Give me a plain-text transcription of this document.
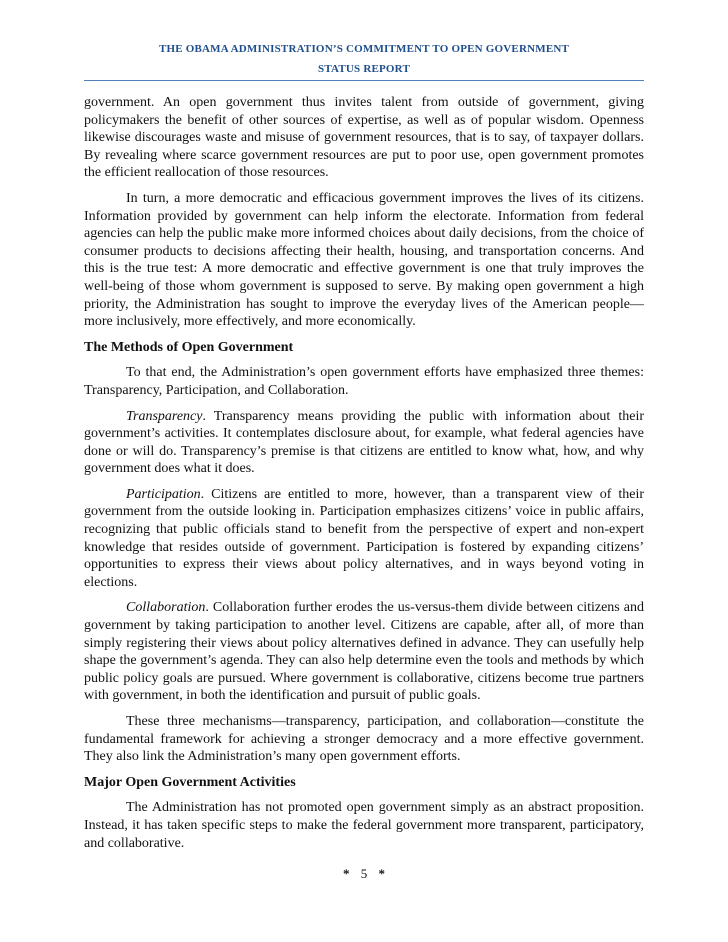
THE OBAMA ADMINISTRATION’S COMMITMENT TO OPEN GOVERNMENT
STATUS REPORT

government. An open government thus invites talent from outside of government, giving policymakers the benefit of other sources of expertise, as well as of popular wisdom. Openness likewise discourages waste and misuse of government resources, that is to say, of taxpayer dollars. By revealing where scarce government resources are put to poor use, open government promotes the efficient reallocation of those resources.

In turn, a more democratic and efficacious government improves the lives of its citizens. Information provided by government can help inform the electorate. Information from federal agencies can help the public make more informed choices about daily decisions, from the choice of consumer products to decisions affecting their health, housing, and transportation concerns. And this is the true test: A more democratic and effective government is one that truly improves the well-being of those whom government is supposed to serve. By making open government a high priority, the Administration has sought to improve the everyday lives of the American people—more inclusively, more effectively, and more economically.

The Methods of Open Government

To that end, the Administration’s open government efforts have emphasized three themes: Transparency, Participation, and Collaboration.

Transparency. Transparency means providing the public with information about their government’s activities. It contemplates disclosure about, for example, what federal agencies have done or will do. Transparency’s premise is that citizens are entitled to know what, how, and why government does what it does.

Participation. Citizens are entitled to more, however, than a transparent view of their government from the outside looking in. Participation emphasizes citizens’ voice in public affairs, recognizing that public officials stand to benefit from the perspective of expert and non-expert knowledge that resides outside of government. Participation is fostered by expanding citizens’ opportunities to express their views about policy alternatives, and in ways beyond voting in elections.

Collaboration. Collaboration further erodes the us-versus-them divide between citizens and government by taking participation to another level. Citizens are capable, after all, of more than simply registering their views about policy alternatives defined in advance. They can usefully help shape the government’s agenda. They can also help determine even the tools and methods by which public policy goals are pursued. Where government is collaborative, citizens become true partners with government, in both the identification and pursuit of public goals.

These three mechanisms—transparency, participation, and collaboration—constitute the fundamental framework for achieving a stronger democracy and a more effective government. They also link the Administration’s many open government efforts.

Major Open Government Activities

The Administration has not promoted open government simply as an abstract proposition. Instead, it has taken specific steps to make the federal government more transparent, participatory, and collaborative.

* 5 *
